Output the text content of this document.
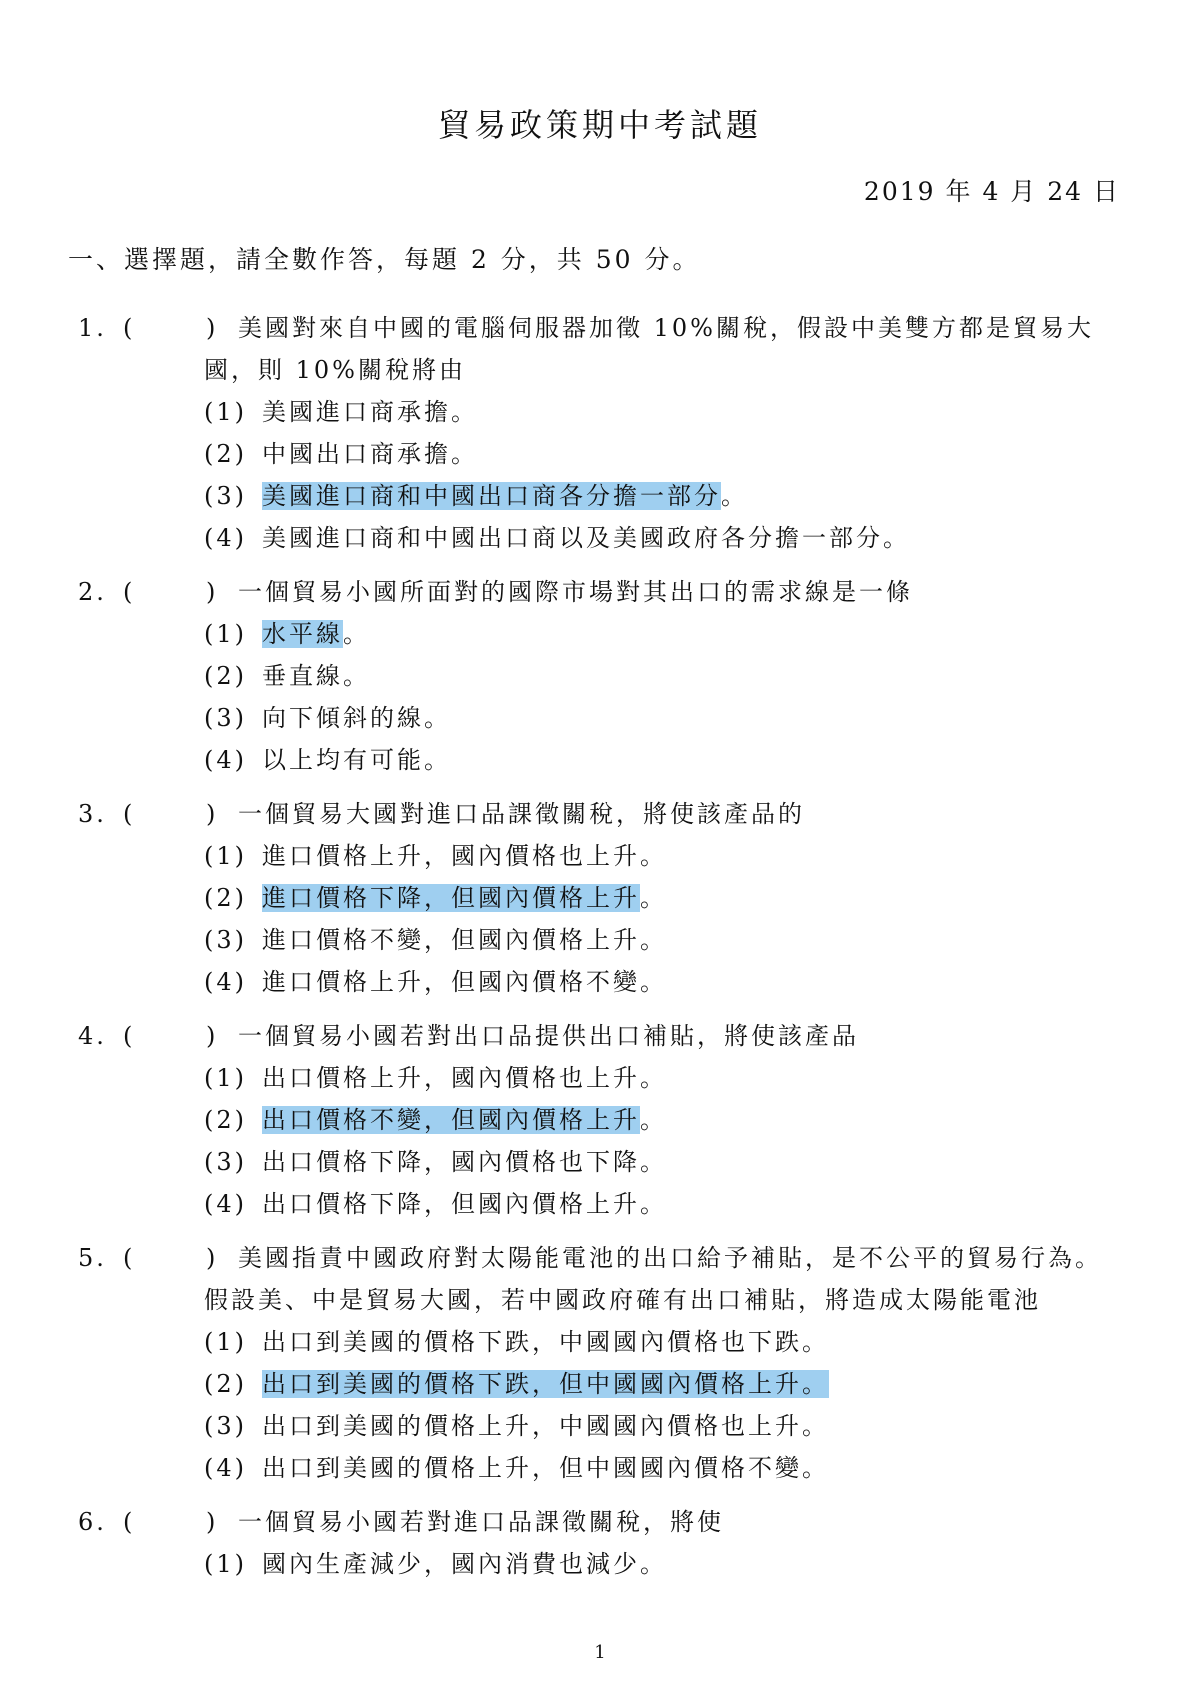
貿易政策期中考試題
2019 年 4 月 24 日
一、選擇題，請全數作答，每題 2 分，共 50 分。
1. (	) 美國對來自中國的電腦伺服器加徵 10%關稅，假設中美雙方都是貿易大
國，則 10%關稅將由
(1) 美國進口商承擔。
(2) 中國出口商承擔。
(3) 美國進口商和中國出口商各分擔一部分。
(4) 美國進口商和中國出口商以及美國政府各分擔一部分。
2. (	) 一個貿易小國所面對的國際市場對其出口的需求線是一條
(1) 水平線。
(2) 垂直線。
(3) 向下傾斜的線。
(4) 以上均有可能。
3. (	) 一個貿易大國對進口品課徵關稅，將使該產品的
(1) 進口價格上升，國內價格也上升。
(2) 進口價格下降，但國內價格上升。
(3) 進口價格不變，但國內價格上升。
(4) 進口價格上升，但國內價格不變。
4. (	) 一個貿易小國若對出口品提供出口補貼，將使該產品
(1) 出口價格上升，國內價格也上升。
(2) 出口價格不變，但國內價格上升。
(3) 出口價格下降，國內價格也下降。
(4) 出口價格下降，但國內價格上升。
5. (	) 美國指責中國政府對太陽能電池的出口給予補貼，是不公平的貿易行為。
假設美、中是貿易大國，若中國政府確有出口補貼，將造成太陽能電池
(1) 出口到美國的價格下跌，中國國內價格也下跌。
(2) 出口到美國的價格下跌，但中國國內價格上升。
(3) 出口到美國的價格上升，中國國內價格也上升。
(4) 出口到美國的價格上升，但中國國內價格不變。
6. (	) 一個貿易小國若對進口品課徵關稅，將使
(1) 國內生產減少，國內消費也減少。
1
